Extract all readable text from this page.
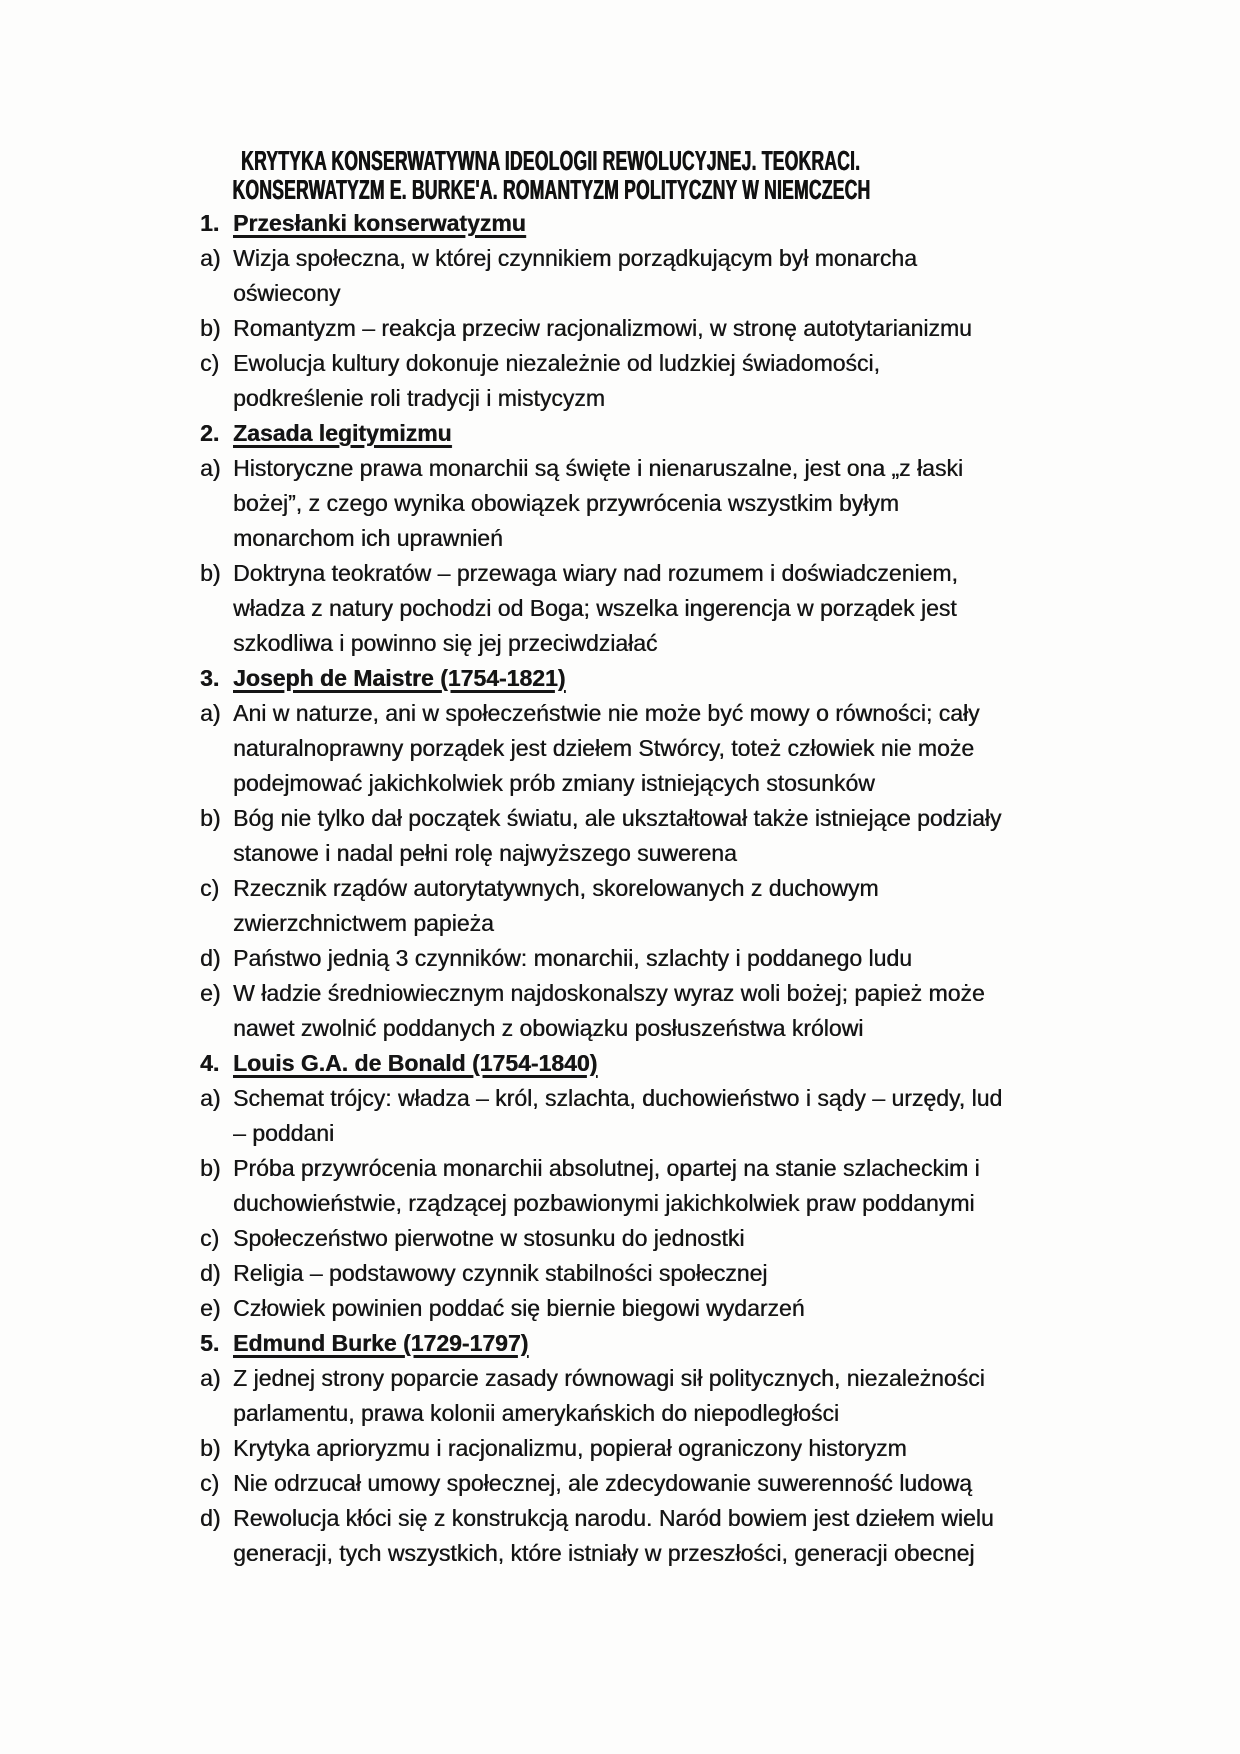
KRYTYKA KONSERWATYWNA IDEOLOGII REWOLUCYJNEJ. TEOKRACI.
KONSERWATYZM E. BURKE'A. ROMANTYZM POLITYCZNY W NIEMCZECH
1. Przesłanki konserwatyzmu
a) Wizja społeczna, w której czynnikiem porządkującym był monarcha
oświecony
b) Romantyzm – reakcja przeciw racjonalizmowi, w stronę autotytarianizmu
c) Ewolucja kultury dokonuje niezależnie od ludzkiej świadomości,
podkreślenie roli tradycji i mistycyzm
2. Zasada legitymizmu
a) Historyczne prawa monarchii są święte i nienaruszalne, jest ona „z łaski
bożej”, z czego wynika obowiązek przywrócenia wszystkim byłym
monarchom ich uprawnień
b) Doktryna teokratów – przewaga wiary nad rozumem i doświadczeniem,
władza z natury pochodzi od Boga; wszelka ingerencja w porządek jest
szkodliwa i powinno się jej przeciwdziałać
3. Joseph de Maistre (1754-1821)
a) Ani w naturze, ani w społeczeństwie nie może być mowy o równości; cały
naturalnoprawny porządek jest dziełem Stwórcy, toteż człowiek nie może
podejmować jakichkolwiek prób zmiany istniejących stosunków
b) Bóg nie tylko dał początek światu, ale ukształtował także istniejące podziały
stanowe i nadal pełni rolę najwyższego suwerena
c) Rzecznik rządów autorytatywnych, skorelowanych z duchowym
zwierzchnictwem papieża
d) Państwo jednią 3 czynników: monarchii, szlachty i poddanego ludu
e) W ładzie średniowiecznym najdoskonalszy wyraz woli bożej; papież może
nawet zwolnić poddanych z obowiązku posłuszeństwa królowi
4. Louis G.A. de Bonald (1754-1840)
a) Schemat trójcy: władza – król, szlachta, duchowieństwo i sądy – urzędy, lud
– poddani
b) Próba przywrócenia monarchii absolutnej, opartej na stanie szlacheckim i
duchowieństwie, rządzącej pozbawionymi jakichkolwiek praw poddanymi
c) Społeczeństwo pierwotne w stosunku do jednostki
d) Religia – podstawowy czynnik stabilności społecznej
e) Człowiek powinien poddać się biernie biegowi wydarzeń
5. Edmund Burke (1729-1797)
a) Z jednej strony poparcie zasady równowagi sił politycznych, niezależności
parlamentu, prawa kolonii amerykańskich do niepodległości
b) Krytyka aprioryzmu i racjonalizmu, popierał ograniczony historyzm
c) Nie odrzucał umowy społecznej, ale zdecydowanie suwerenność ludową
d) Rewolucja kłóci się z konstrukcją narodu. Naród bowiem jest dziełem wielu
generacji, tych wszystkich, które istniały w przeszłości, generacji obecnej
